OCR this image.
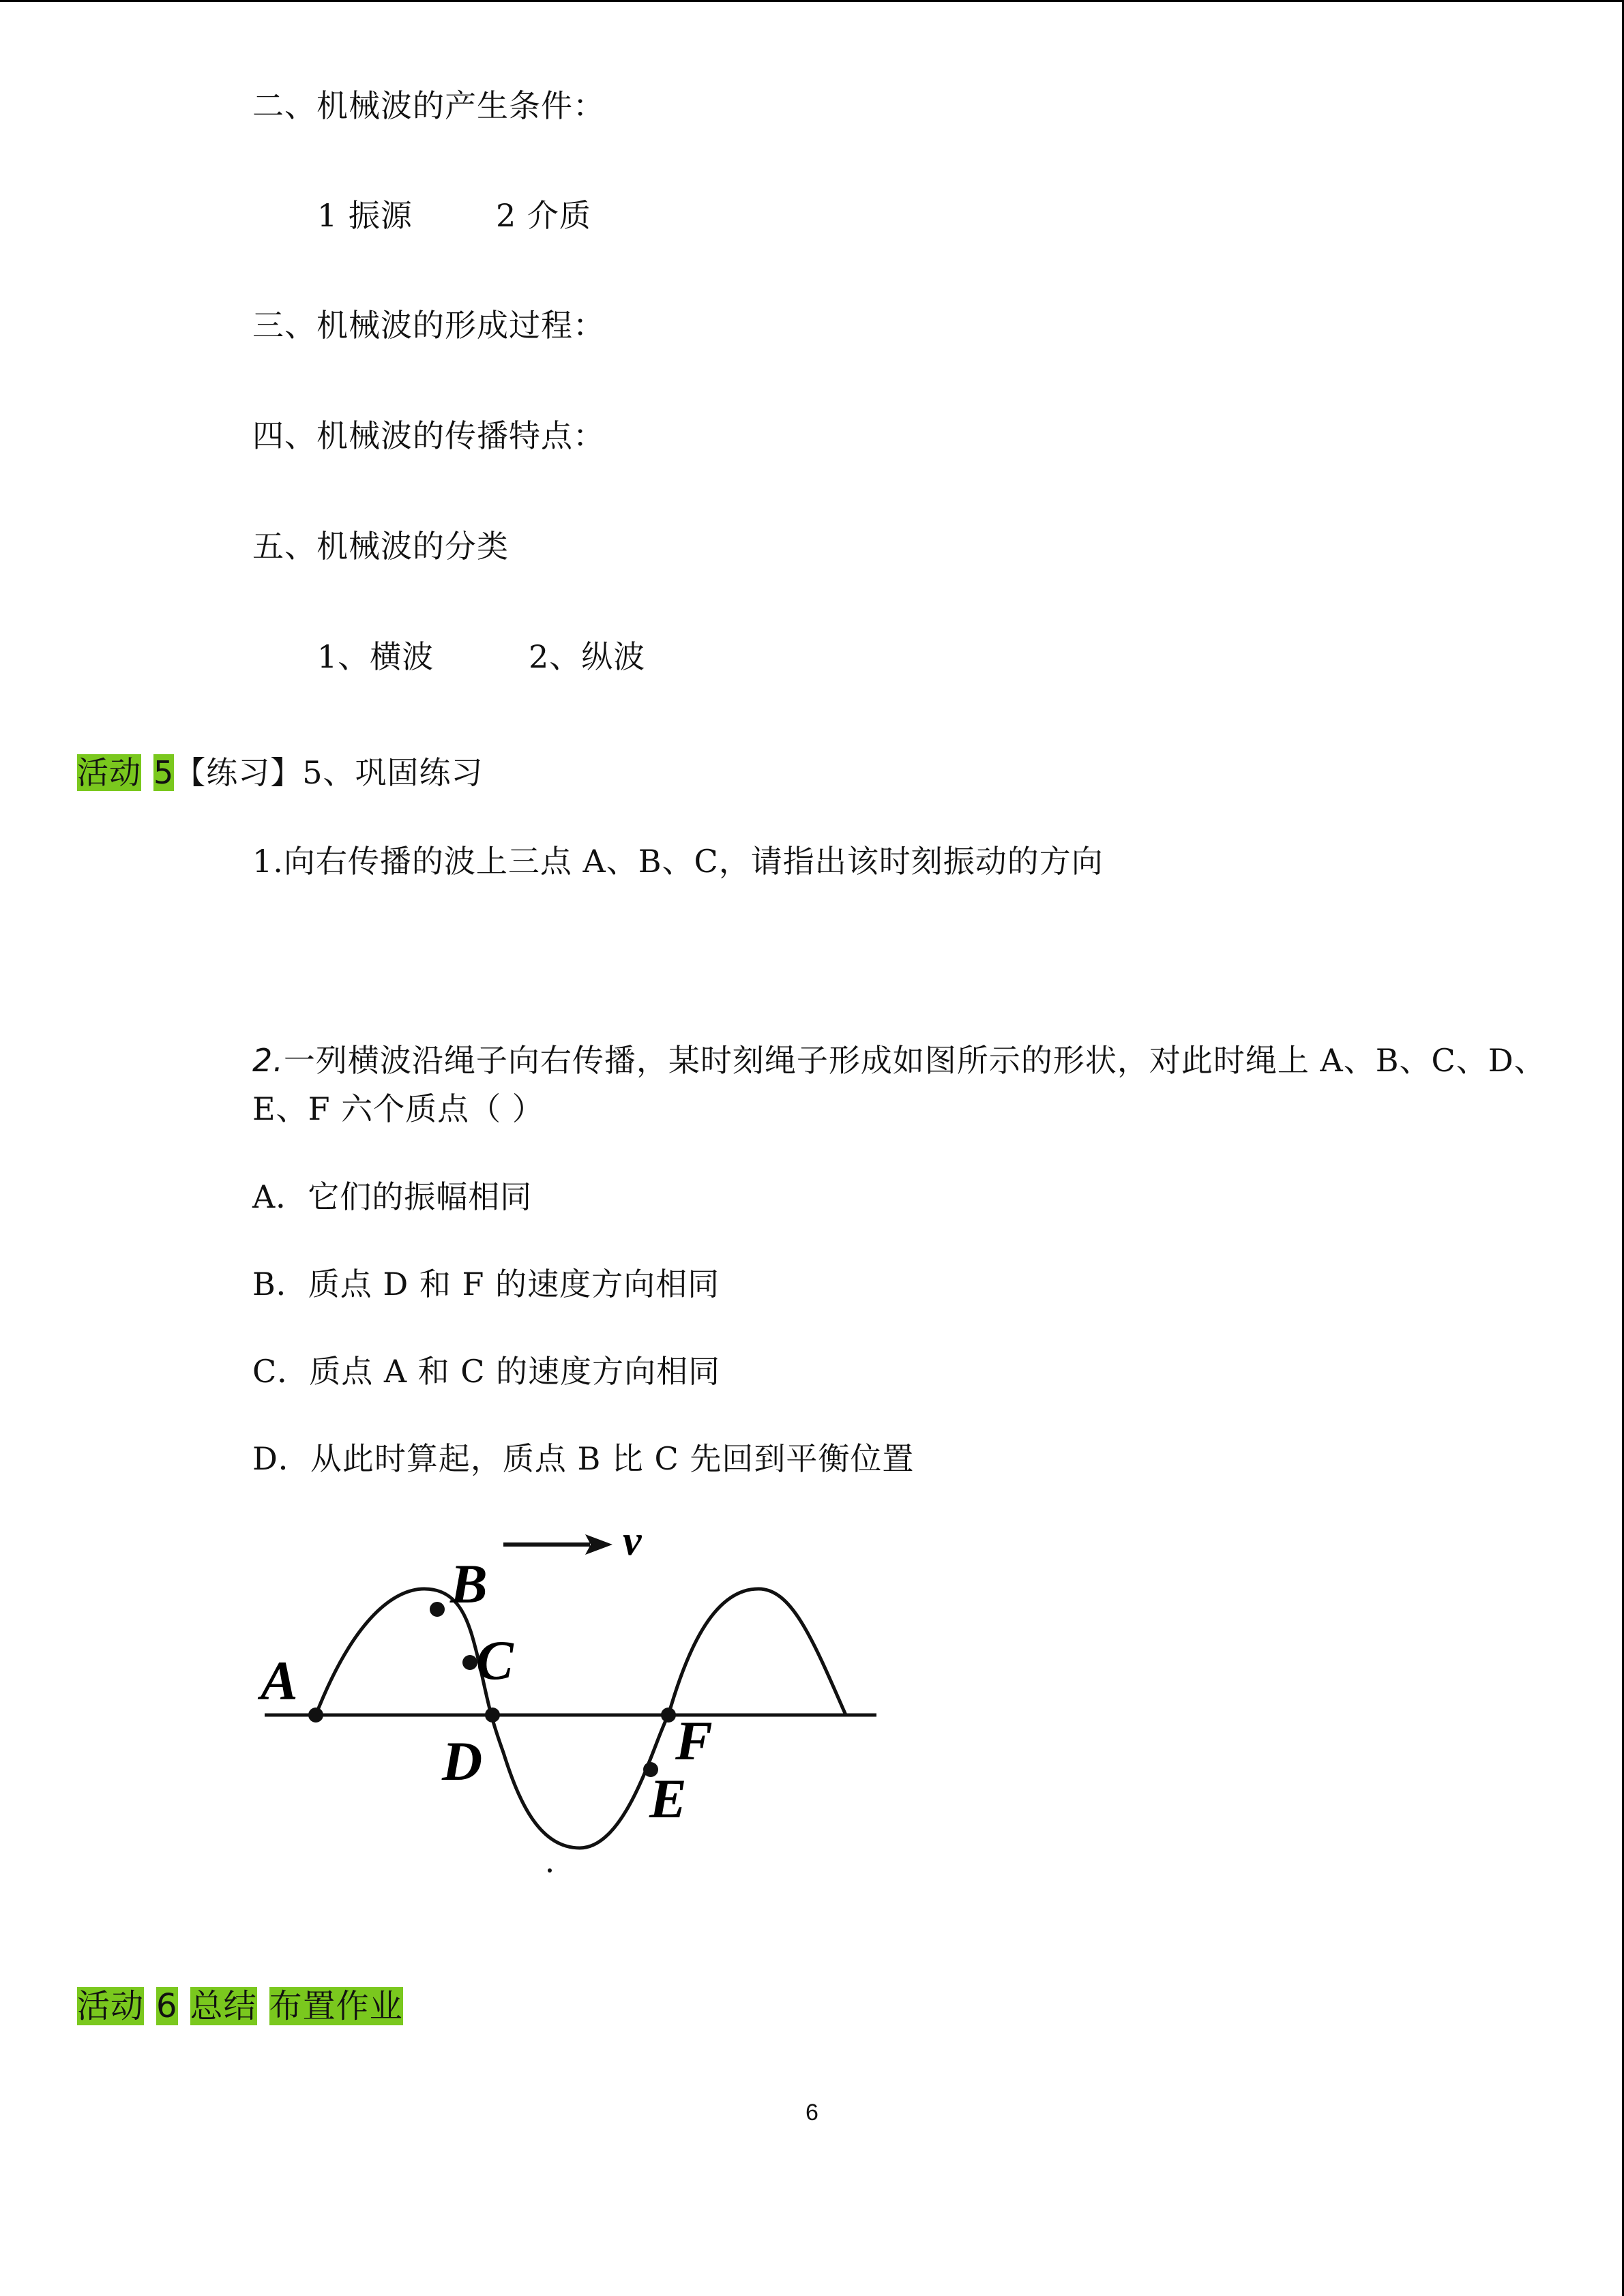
二、机械波的产生条件：
1 振源	2 介质
三、机械波的形成过程：
四、机械波的传播特点：
五、机械波的分类
1、横波	2、纵波
活动 5【练习】5、巩固练习
1.向右传播的波上三点 A、B、C，请指出该时刻振动的方向
2.一列横波沿绳子向右传播，某时刻绳子形成如图所示的形状，对此时绳上 A、B、C、D、
E、F 六个质点（ ）
A．它们的振幅相同
B．质点 D 和 F 的速度方向相同
C．质点 A 和 C 的速度方向相同
D．从此时算起，质点 B 比 C 先回到平衡位置
v
A
B
C
D	F
E
活动 6 总结 布置作业
6
